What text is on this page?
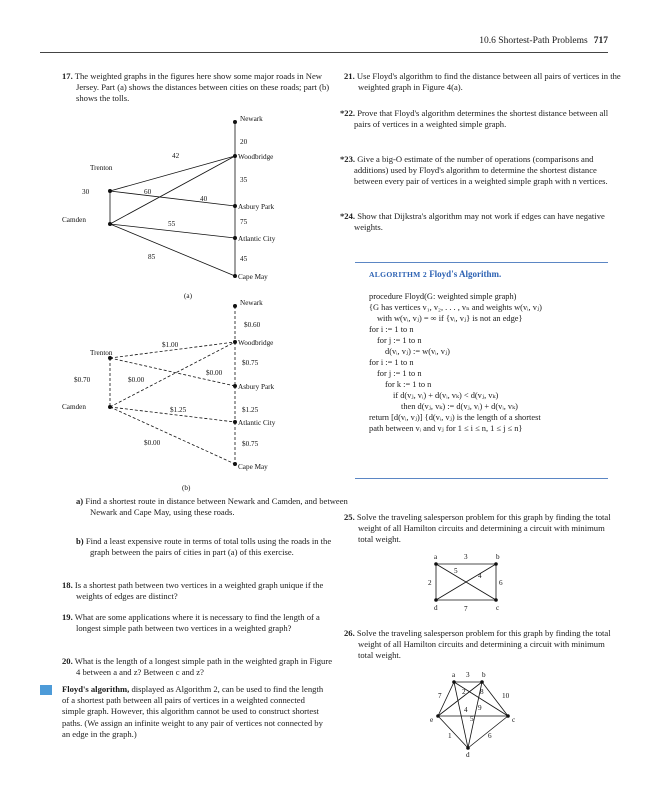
10.6 Shortest-Path Problems 717
17. The weighted graphs in the figures here show some major roads in New Jersey. Part (a) shows the distances between cities on these roads; part (b) shows the tolls.
Newark
Trenton
Woodbridge
Asbury Park
Camden
Atlantic City
Cape May
20
42
40
30	60
35
55	75
85	45
(a)
Newark
Trenton
Woodbridge
Asbury Park
Camden
Atlantic City
Cape May
$0.60
$1.00
$0.75
$0.00
$0.70	$0.00
$1.25	$1.25
$0.00	$0.75
(b)
a) Find a shortest route in distance between Newark and Camden, and between Newark and Cape May, using these roads.
b) Find a least expensive route in terms of total tolls using the roads in the graph between the pairs of cities in part (a) of this exercise.
18. Is a shortest path between two vertices in a weighted graph unique if the weights of edges are distinct?
19. What are some applications where it is necessary to find the length of a longest simple path between two vertices in a weighted graph?
20. What is the length of a longest simple path in the weighted graph in Figure 4 between a and z? Between c and z?
Floyd's algorithm, displayed as Algorithm 2, can be used to find the length of a shortest path between all pairs of vertices in a weighted connected simple graph. However, this algorithm cannot be used to construct shortest paths. (We assign an infinite weight to any pair of vertices not connected by an edge in the graph.)
21. Use Floyd's algorithm to find the distance between all pairs of vertices in the weighted graph in Figure 4(a).
*22. Prove that Floyd's algorithm determines the shortest distance between all pairs of vertices in a weighted simple graph.
*23. Give a big-O estimate of the number of operations (comparisons and additions) used by Floyd's algorithm to determine the shortest distance between every pair of vertices in a weighted simple graph with n vertices.
*24. Show that Dijkstra's algorithm may not work if edges can have negative weights.
ALGORITHM 2 Floyd's Algorithm.
procedure Floyd(G: weighted simple graph)
{G has vertices v₁, v₂, . . . , vₙ and weights w(vᵢ, vⱼ)
with w(vᵢ, vⱼ) = ∞ if {vᵢ, vⱼ} is not an edge}
for i := 1 to n
for j := 1 to n
d(vᵢ, vⱼ) := w(vᵢ, vⱼ)
for i := 1 to n
for j := 1 to n
for k := 1 to n
if d(vⱼ, vᵢ) + d(vᵢ, vₖ) < d(vⱼ, vₖ)
then d(vⱼ, vₖ) := d(vⱼ, vᵢ) + d(vᵢ, vₖ)
return [d(vᵢ, vⱼ)] {d(vᵢ, vⱼ) is the length of a shortest
path between vᵢ and vⱼ for 1 ≤ i ≤ n, 1 ≤ j ≤ n}
25. Solve the traveling salesperson problem for this graph by finding the total weight of all Hamilton circuits and determining a circuit with minimum total weight.
a	b
d	c
3
5
4
2	6
7
26. Solve the traveling salesperson problem for this graph by finding the total weight of all Hamilton circuits and determining a circuit with minimum total weight.
a	b
e	c
d
3
7	2 8	10
4 9
5
1	6
